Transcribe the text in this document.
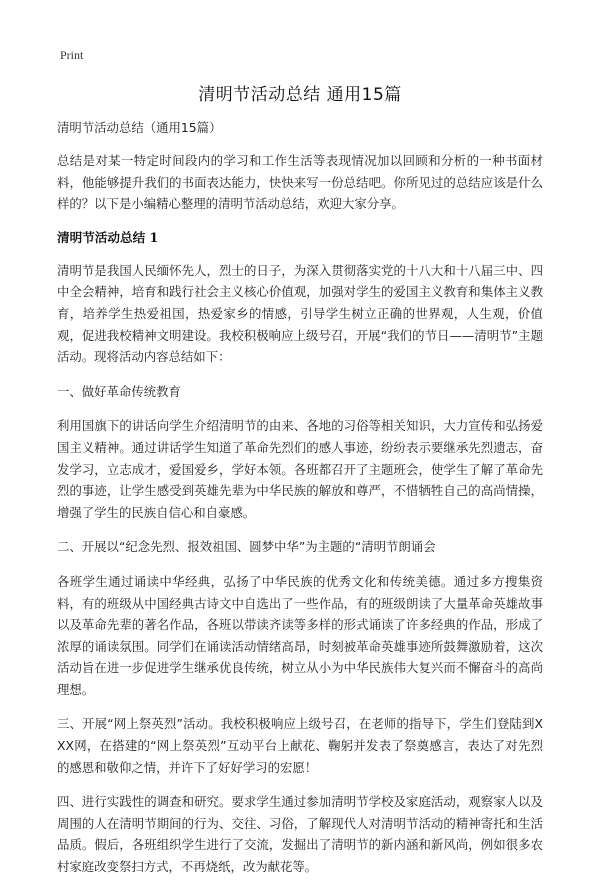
Print
清明节活动总结 通用15篇

清明节活动总结（通用15篇）

总结是对某一特定时间段内的学习和工作生活等表现情况加以回顾和分析的一种书面材料，他能够提升我们的书面表达能力，快快来写一份总结吧。你所见过的总结应该是什么样的？以下是小编精心整理的清明节活动总结，欢迎大家分享。

清明节活动总结 1

清明节是我国人民缅怀先人，烈士的日子，为深入贯彻落实党的十八大和十八届三中、四中全会精神，培育和践行社会主义核心价值观，加强对学生的爱国主义教育和集体主义教育，培养学生热爱祖国，热爱家乡的情感，引导学生树立正确的世界观，人生观，价值观，促进我校精神文明建设。我校积极响应上级号召，开展“我们的节日——清明节”主题活动。现将活动内容总结如下：

一、做好革命传统教育

利用国旗下的讲话向学生介绍清明节的由来、各地的习俗等相关知识，大力宣传和弘扬爱国主义精神。通过讲话学生知道了革命先烈们的感人事迹，纷纷表示要继承先烈遗志，奋发学习，立志成才，爱国爱乡，学好本领。各班都召开了主题班会，使学生了解了革命先烈的事迹，让学生感受到英雄先辈为中华民族的解放和尊严，不惜牺牲自己的高尚情操，增强了学生的民族自信心和自豪感。

二、开展以“纪念先烈、报效祖国、圆梦中华”为主题的“清明节朗诵会

各班学生通过诵读中华经典，弘扬了中华民族的优秀文化和传统美德。通过多方搜集资料，有的班级从中国经典古诗文中自选出了一些作品，有的班级朗读了大量革命英雄故事以及革命先辈的著名作品，各班以带读齐读等多样的形式诵读了许多经典的作品，形成了浓厚的诵读氛围。同学们在诵读活动情绪高昂，时刻被革命英雄事迹所鼓舞激励着，这次活动旨在进一步促进学生继承优良传统，树立从小为中华民族伟大复兴而不懈奋斗的高尚理想。

三、开展“网上祭英烈”活动。我校积极响应上级号召，在老师的指导下，学生们登陆到XXX网，在搭建的“网上祭英烈”互动平台上献花、鞠躬并发表了祭奠感言，表达了对先烈的感恩和敬仰之情，并许下了好好学习的宏愿！

四、进行实践性的调查和研究。要求学生通过参加清明节学校及家庭活动，观察家人以及周围的人在清明节期间的行为、交往、习俗，了解现代人对清明节活动的精神寄托和生活品质。假后，各班组织学生进行了交流，发掘出了清明节的新内涵和新风尚，例如很多农村家庭改变祭扫方式，不再烧纸，改为献花等。
